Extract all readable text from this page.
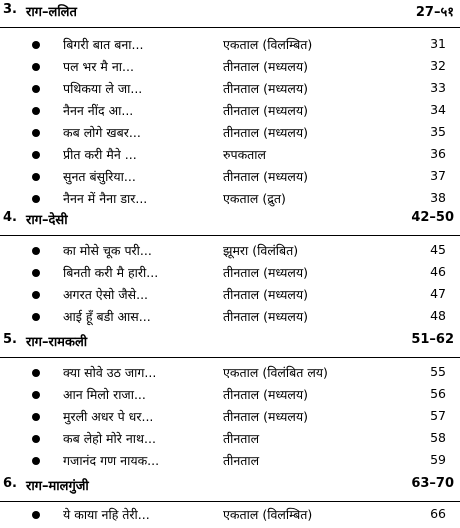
3. राग–ललित	27–५१
बिगरी बात बना...	एकताल (विलम्बित)	31
पल भर मै ना...	तीनताल (मध्यलय)	32
पथिकया ले जा...	तीनताल (मध्यलय)	33
नैनन नींद आ...	तीनताल (मध्यलय)	34
कब लोगे खबर...	तीनताल (मध्यलय)	35
प्रीत करी मैने ...	रुपकताल	36
सुनत बंसुरिया...	तीनताल (मध्यलय)	37
नैनन में नैना डार...	एकताल (द्रुत)	38
4. राग–देसी	42–50
का मोसे चूक परी...	झूमरा (विलंबित)	45
बिनती करी मै हारी...	तीनताल (मध्यलय)	46
अगरत ऐसो जैसे...	तीनताल (मध्यलय)	47
आई हूँ बडी आस...	तीनताल (मध्यलय)	48
5. राग–रामकली	51–62
क्या सोवे उठ जाग...	एकताल (विलंबित लय)	55
आन मिलो राजा...	तीनताल (मध्यलय)	56
मुरली अधर पे धर...	तीनताल (मध्यलय)	57
कब लेहो मोरे नाथ...	तीनताल	58
गजानंद गण नायक...	तीनताल	59
6. राग–मालगुंजी	63–70
ये काया नहि तेरी...	एकताल (विलम्बित)	66
